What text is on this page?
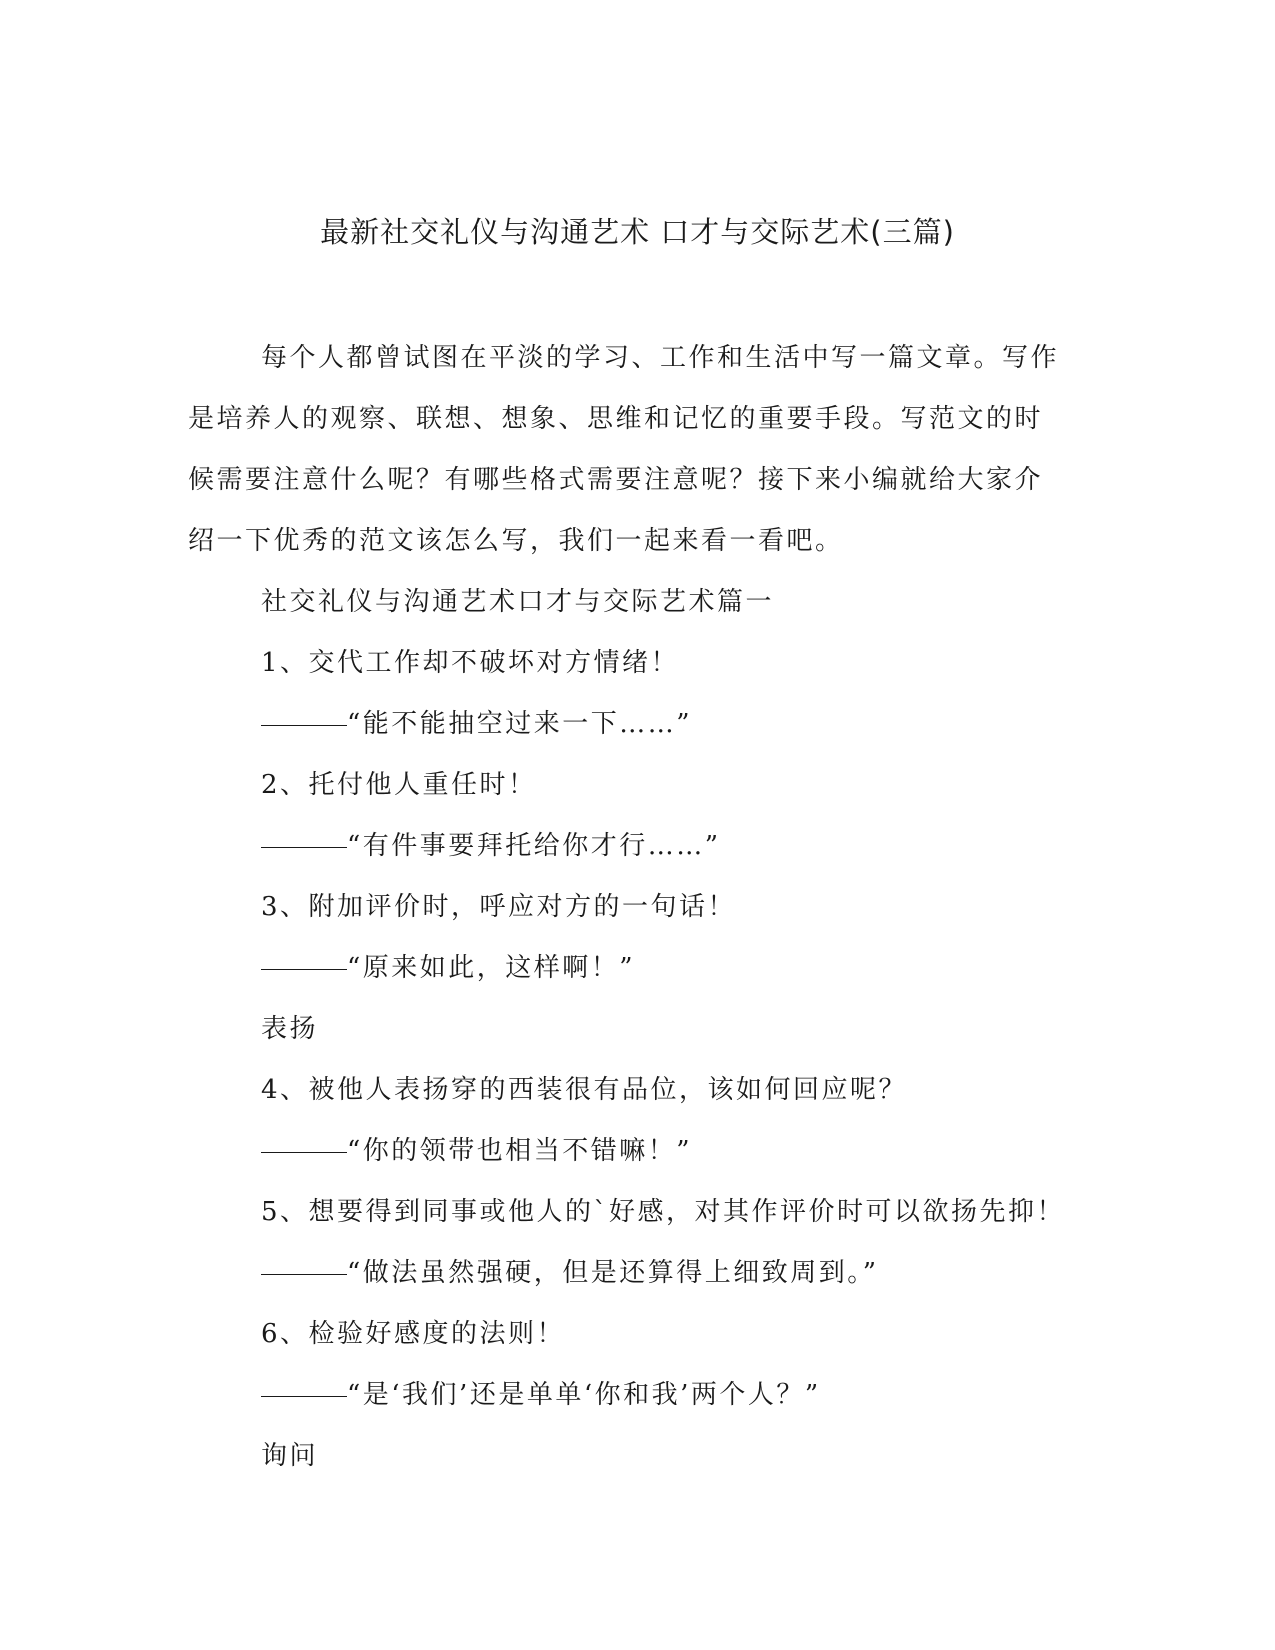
最新社交礼仪与沟通艺术 口才与交际艺术(三篇)

每个人都曾试图在平淡的学习、工作和生活中写一篇文章。写作

是培养人的观察、联想、想象、思维和记忆的重要手段。写范文的时

候需要注意什么呢？有哪些格式需要注意呢？接下来小编就给大家介

绍一下优秀的范文该怎么写，我们一起来看一看吧。

社交礼仪与沟通艺术口才与交际艺术篇一

1、交代工作却不破坏对方情绪！

“能不能抽空过来一下……”

2、托付他人重任时！

“有件事要拜托给你才行……”

3、附加评价时，呼应对方的一句话！

“原来如此，这样啊！”

表扬

4、被他人表扬穿的西装很有品位，该如何回应呢？

“你的领带也相当不错嘛！”

5、想要得到同事或他人的`好感，对其作评价时可以欲扬先抑！

“做法虽然强硬，但是还算得上细致周到。”

6、检验好感度的法则！

“是‘我们’还是单单‘你和我’两个人？”

询问
